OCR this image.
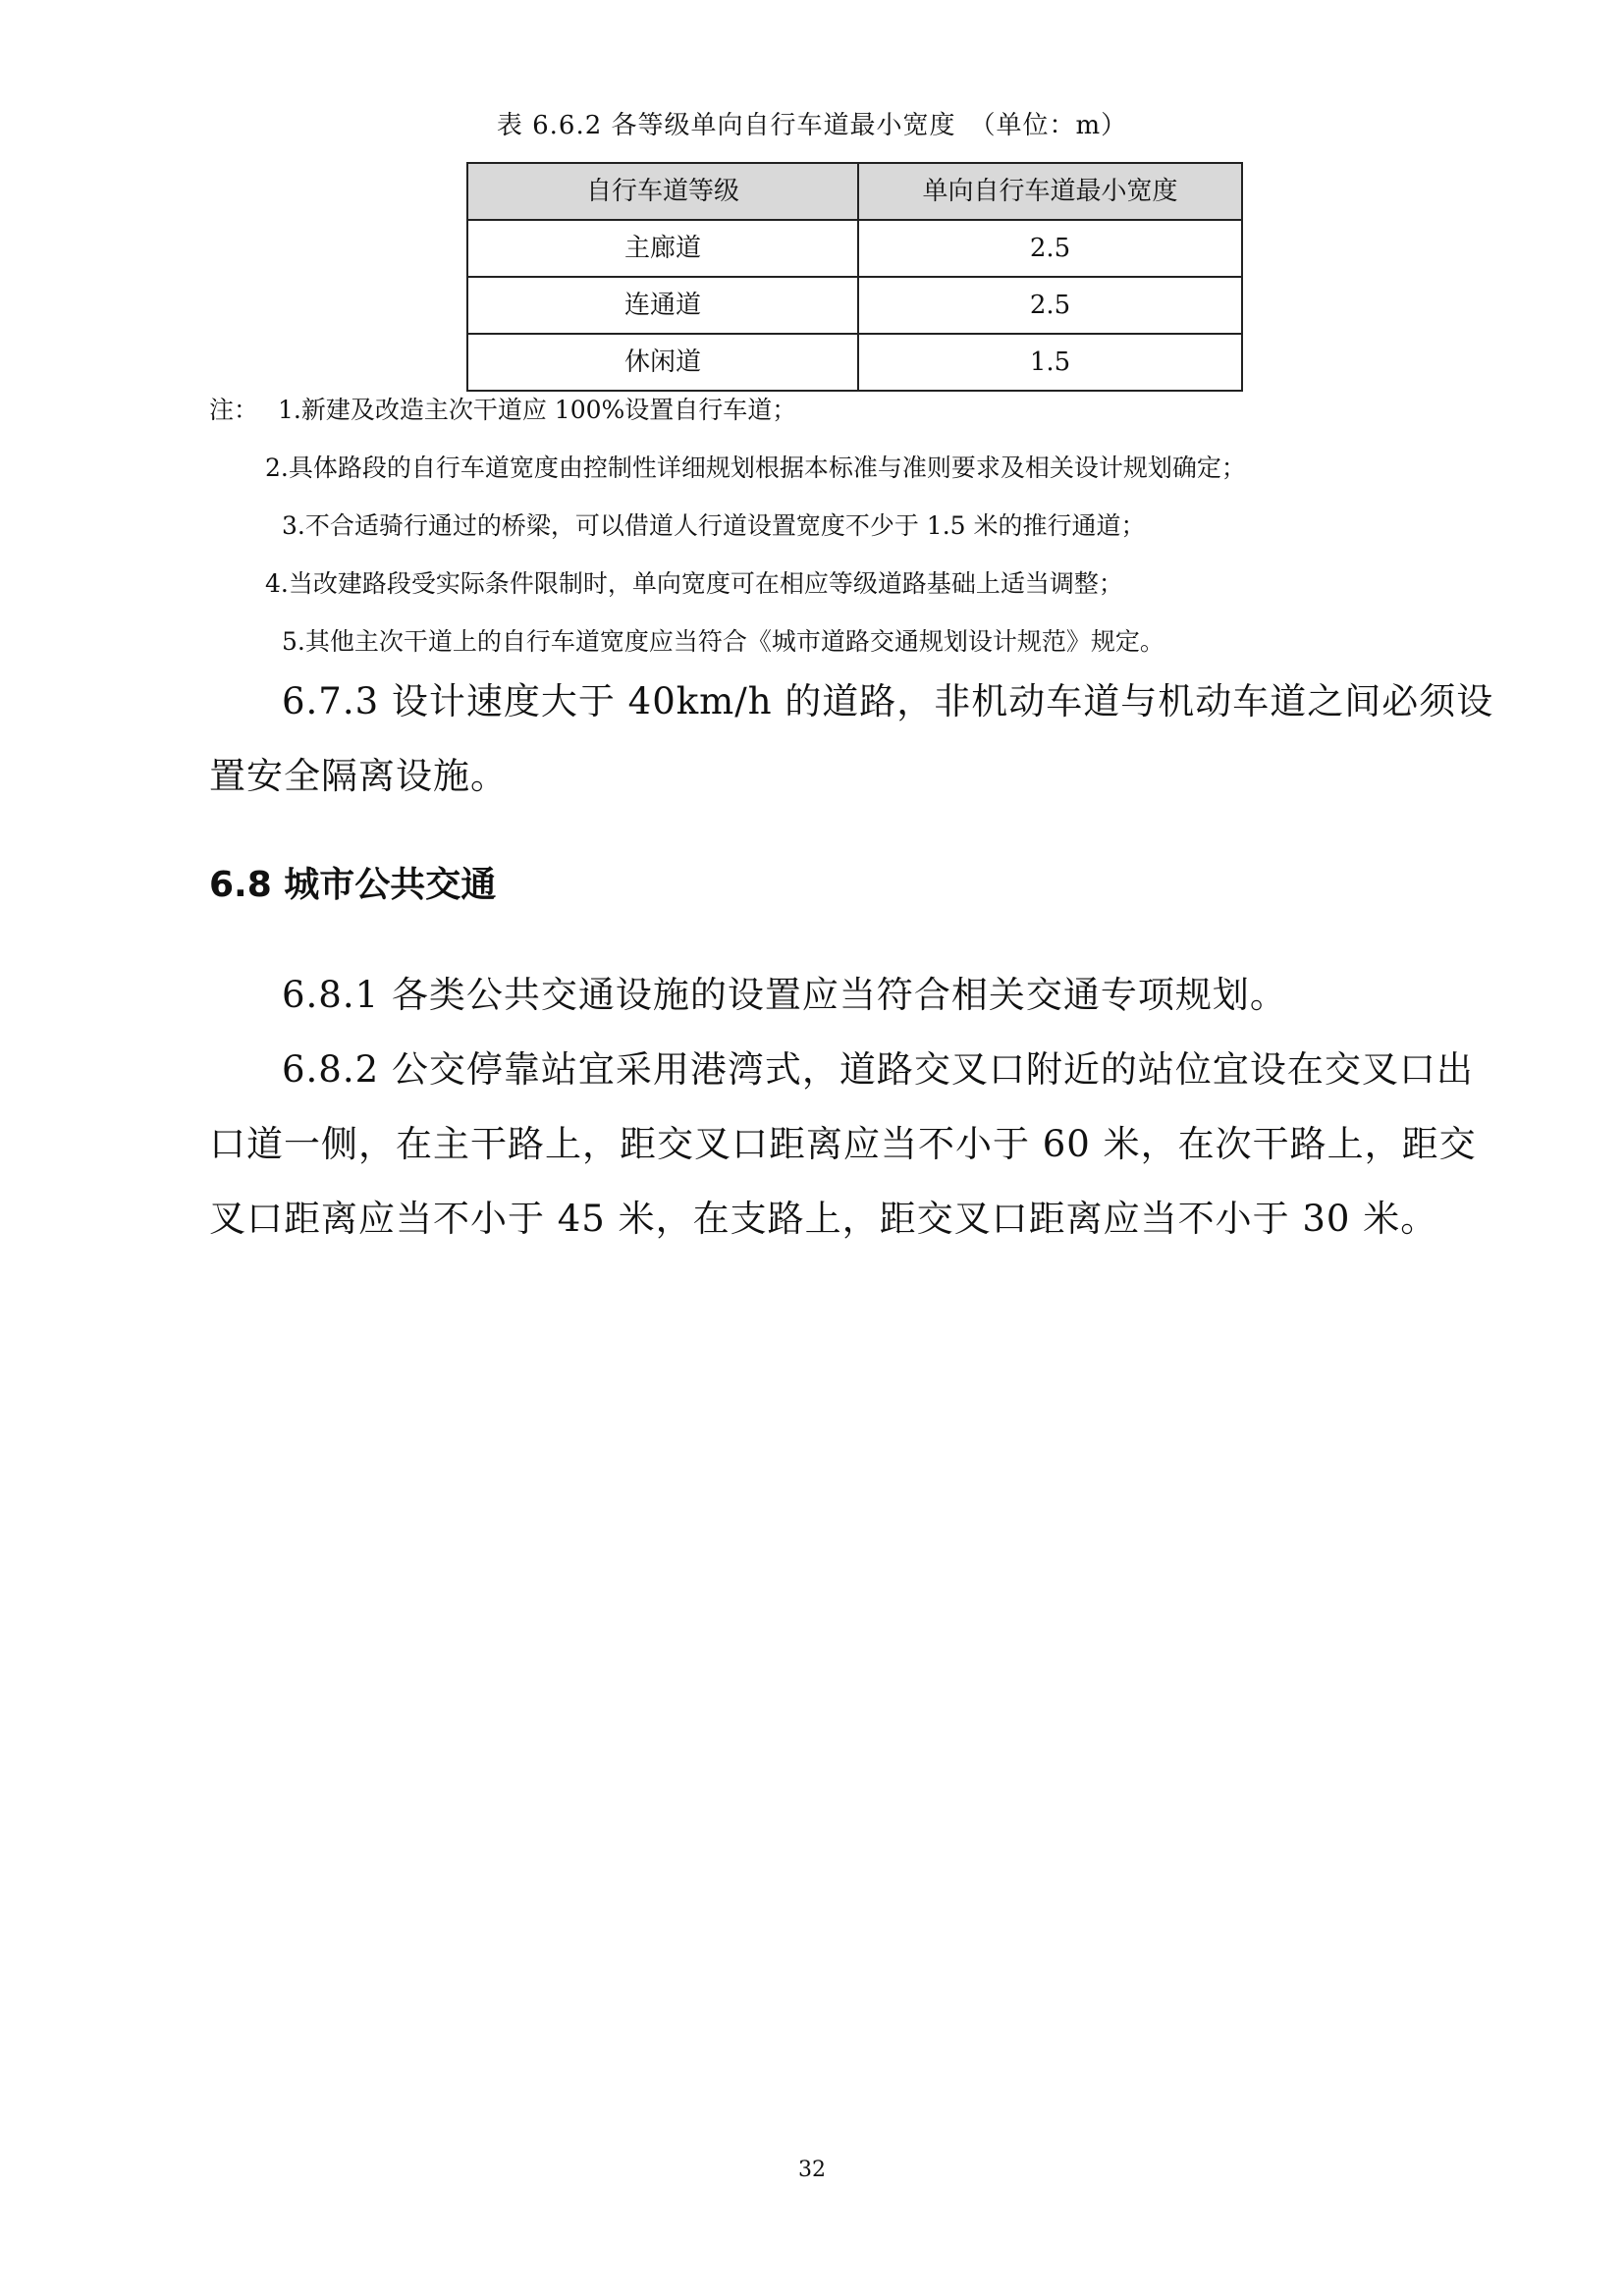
表 6.6.2 各等级单向自行车道最小宽度　（单位：m）
自行车道等级	单向自行车道最小宽度
主廊道	2.5
连通道	2.5
休闲道	1.5
注： 1.新建及改造主次干道应 100%设置自行车道；
2.具体路段的自行车道宽度由控制性详细规划根据本标准与准则要求及相关设计规划确定；
3.不合适骑行通过的桥梁，可以借道人行道设置宽度不少于 1.5 米的推行通道；
4.当改建路段受实际条件限制时，单向宽度可在相应等级道路基础上适当调整；
5.其他主次干道上的自行车道宽度应当符合《城市道路交通规划设计规范》规定。
6.7.3 设计速度大于 40km/h 的道路，非机动车道与机动车道之间必须设
置安全隔离设施。
6.8 城市公共交通
6.8.1 各类公共交通设施的设置应当符合相关交通专项规划。
6.8.2 公交停靠站宜采用港湾式，道路交叉口附近的站位宜设在交叉口出
口道一侧，在主干路上，距交叉口距离应当不小于 60 米，在次干路上，距交
叉口距离应当不小于 45 米，在支路上，距交叉口距离应当不小于 30 米。
32
